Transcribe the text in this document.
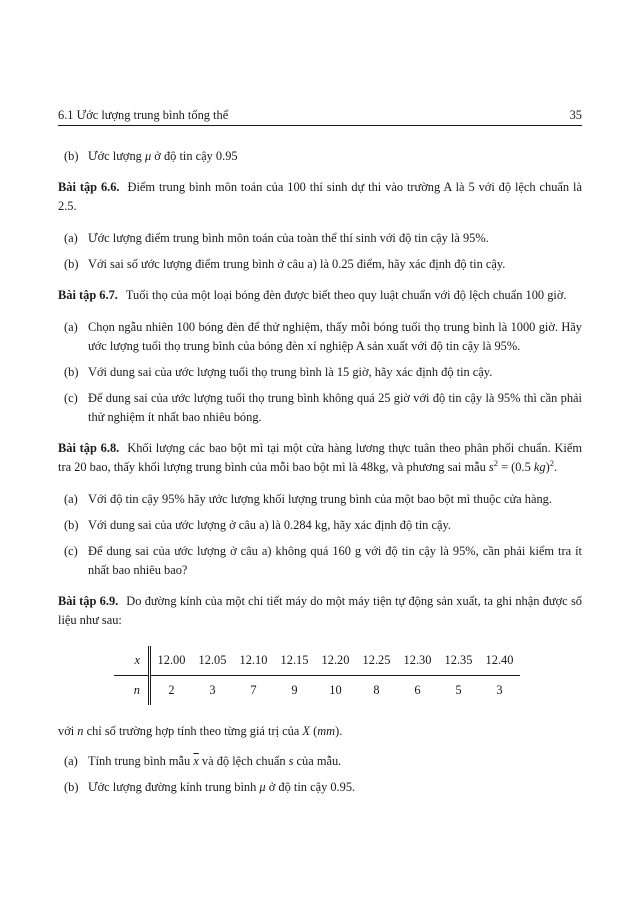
6.1 Ước lượng trung bình tổng thể	35
(b) Ước lượng μ ở độ tin cậy 0.95

Bài tập 6.6. Điểm trung bình môn toán của 100 thí sinh dự thi vào trường A là 5 với độ lệch chuẩn là 2.5.

(a) Ước lượng điểm trung bình môn toán của toàn thể thí sinh với độ tin cậy là 95%.
(b) Với sai số ước lượng điểm trung bình ở câu a) là 0.25 điểm, hãy xác định độ tin cậy.

Bài tập 6.7. Tuổi thọ của một loại bóng đèn được biết theo quy luật chuẩn với độ lệch chuẩn 100 giờ.

(a) Chọn ngẫu nhiên 100 bóng đèn để thử nghiệm, thấy mỗi bóng tuổi thọ trung bình là 1000 giờ. Hãy ước lượng tuổi thọ trung bình của bóng đèn xí nghiệp A sản xuất với độ tin cậy là 95%.
(b) Với dung sai của ước lượng tuổi thọ trung bình là 15 giờ, hãy xác định độ tin cậy.
(c) Để dung sai của ước lượng tuổi thọ trung bình không quá 25 giờ với độ tin cậy là 95% thì cần phải thử nghiệm ít nhất bao nhiêu bóng.

Bài tập 6.8. Khối lượng các bao bột mì tại một cửa hàng lương thực tuân theo phân phối chuẩn. Kiểm tra 20 bao, thấy khối lượng trung bình của mỗi bao bột mì là 48kg, và phương sai mẫu $s^2 = (0.5$ kg)$^2$.

(a) Với độ tin cậy 95% hãy ước lượng khối lượng trung bình của một bao bột mì thuộc cửa hàng.
(b) Với dung sai của ước lượng ở câu a) là 0.284 kg, hãy xác định độ tin cậy.
(c) Để dung sai của ước lượng ở câu a) không quá 160 g với độ tin cậy là 95%, cần phải kiểm tra ít nhất bao nhiêu bao?

Bài tập 6.9. Do đường kính của một chi tiết máy do một máy tiện tự động sản xuất, ta ghi nhận được số liệu như sau:

x	12.00	12.05	12.10	12.15	12.20	12.25	12.30	12.35	12.40
n	2	3	7	9	10	8	6	5	3

với n chỉ số trường hợp tính theo từng giá trị của X (mm).

(a) Tính trung bình mẫu $\overline{x}$ và độ lệch chuẩn s của mẫu.
(b) Ước lượng đường kính trung bình μ ở độ tin cậy 0.95.
